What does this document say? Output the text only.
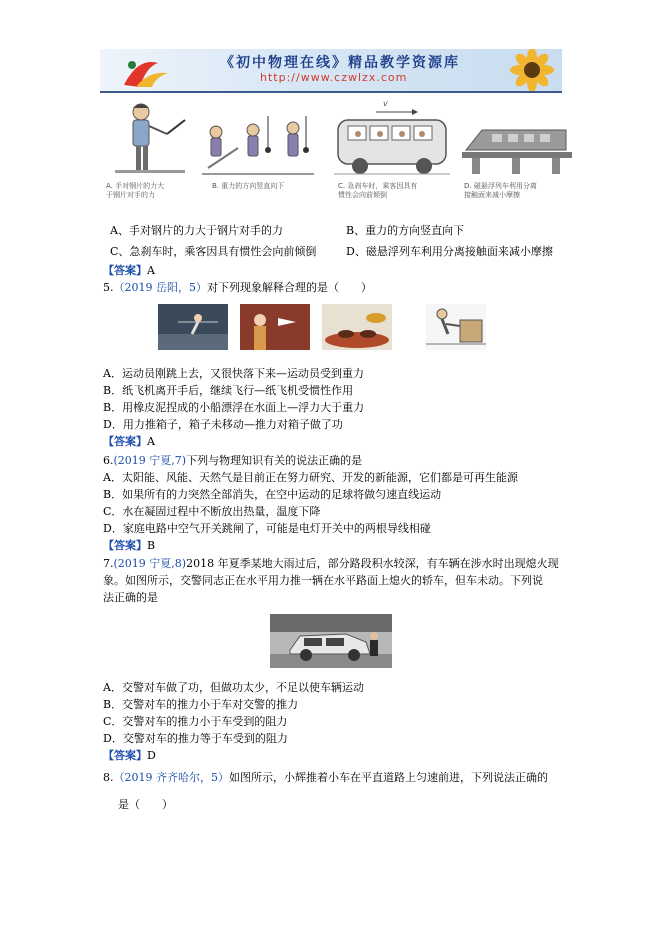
《初中物理在线》精品教学资源库
http://www.czwlzx.com
v
A. 手对钢片的力大
于钢片对手的力
B. 重力的方向竖直向下	C. 急刹车时，乘客因具有
惯性会向前倾倒
D. 磁悬浮列车利用分离
接触面来减小摩擦
A、手对钢片的力大于钢片对手的力	B、重力的方向竖直向下
C、急刹车时，乘客因具有惯性会向前倾倒	D、磁悬浮列车利用分离接触面来减小摩擦
【答案】A
5.（2019 岳阳，5）对下列现象解释合理的是（　　）
A．运动员刚跳上去，又很快落下来—运动员受到重力
B．纸飞机离开手后，继续飞行—纸飞机受惯性作用
B．用橡皮泥捏成的小船漂浮在水面上—浮力大于重力
D．用力推箱子，箱子未移动—推力对箱子做了功
【答案】A
6.(2019 宁夏,7)下列与物理知识有关的说法正确的是
A．太阳能、风能、天然气是目前正在努力研究、开发的新能源，它们都是可再生能源
B．如果所有的力突然全部消失，在空中运动的足球将做匀速直线运动
C．水在凝固过程中不断放出热量，温度下降
D．家庭电路中空气开关跳闸了，可能是电灯开关中的两根导线相碰
【答案】B
7.(2019 宁夏,8)2018 年夏季某地大雨过后，部分路段积水较深，有车辆在涉水时出现熄火现
象。如图所示，交警同志正在水平用力推一辆在水平路面上熄火的轿车，但车未动。下列说
法正确的是
A．交警对车做了功，但做功太少，不足以使车辆运动
B．交警对车的推力小于车对交警的推力
C．交警对车的推力小于车受到的阻力
D．交警对车的推力等于车受到的阻力
【答案】D
8.（2019 齐齐哈尔，5）如图所示，小辉推着小车在平直道路上匀速前进，下列说法正确的
是（　　）
